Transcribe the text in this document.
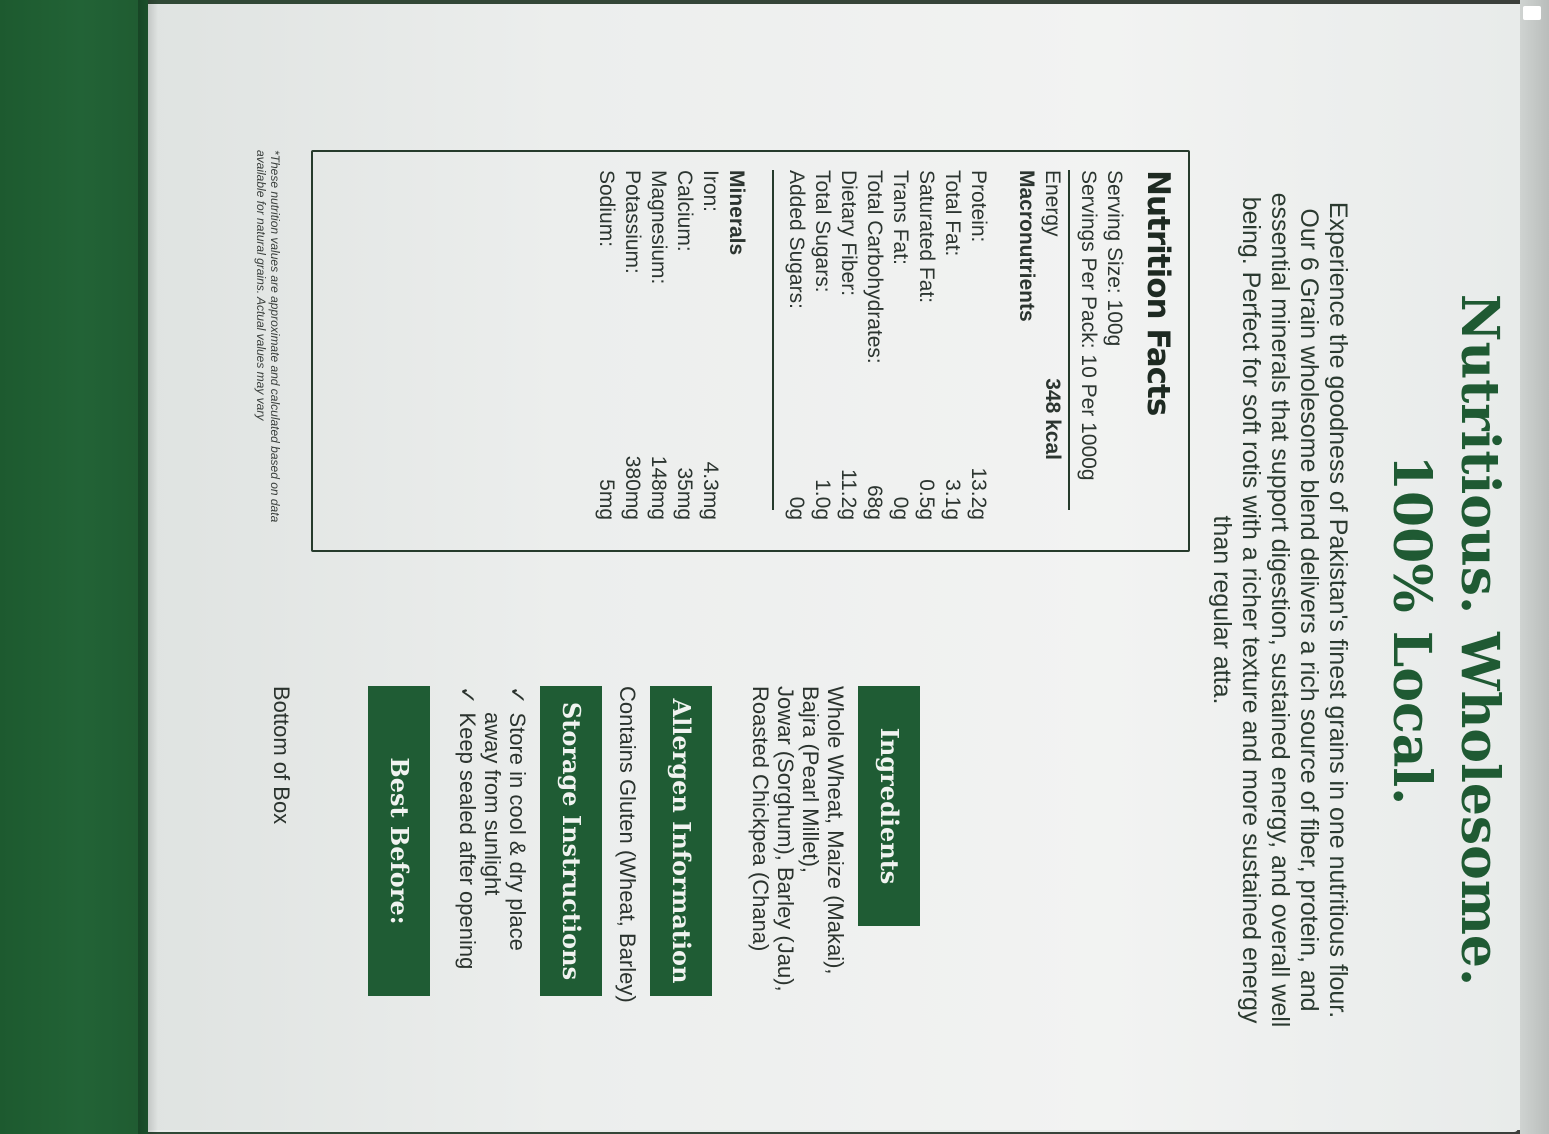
Nutritious. Wholesome.
100% Local.
Experience the goodness of Pakistan's finest grains in one nutritious flour. Our 6 Grain wholesome blend delivers a rich source of fiber, protein, and essential minerals that support digestion, sustained energy, and overall well being. Perfect for soft rotis with a richer texture and more sustained energy than regular atta.
Nutrition Facts
Serving Size: 100g
Servings Per Pack: 10 Per 1000g
Energy
348 kcal
Macronutrients
Protein:
13.2g
Total Fat:
3.1g
Saturated Fat:
0.5g
Trans Fat:
0g
Total Carbohydrates:
68g
Dietary Fiber:
11.2g
Total Sugars:
1.0g
Added Sugars:
0g
Minerals
Iron:
4.3mg
Calcium:
35mg
Magnesium:
148mg
Potassium:
380mg
Sodium:
5mg
*These nutrition values are approximate and calculated based on data available for natural grains. Actual values may vary
Ingredients
Whole Wheat, Maize (Makai),
Bajra (Pearl Millet),
Jowar (Sorghum), Barley (Jau),
Roasted Chickpea (Chana)
Allergen Information
Contains Gluten (Wheat, Barley)
Storage Instructions
✓Store in cool & dry place
away from sunlight
✓Keep sealed after opening
Best Before:
Bottom of Box
